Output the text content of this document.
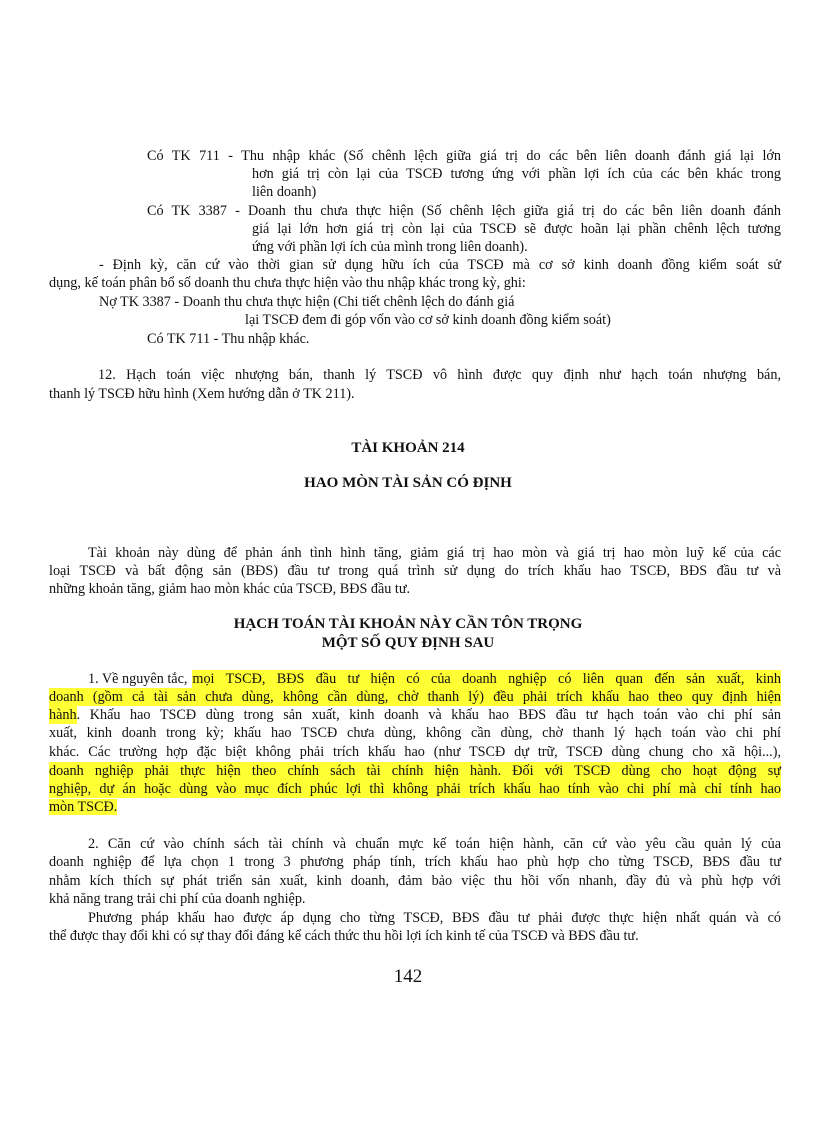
Có TK 711 - Thu nhập khác (Số chênh lệch giữa giá trị do các bên liên doanh đánh giá lại lớn

hơn giá trị còn lại của TSCĐ tương ứng với phần lợi ích của các bên khác trong

liên doanh)

Có TK 3387 - Doanh thu chưa thực hiện (Số chênh lệch giữa giá trị do các bên liên doanh đánh

giá lại lớn hơn giá trị còn lại của TSCĐ sẽ được hoãn lại phần chênh lệch tương

ứng với phần lợi ích của mình trong liên doanh).

- Định kỳ, căn cứ vào thời gian sử dụng hữu ích của TSCĐ mà cơ sở kinh doanh đồng kiểm soát sử

dụng, kế toán phân bổ số doanh thu chưa thực hiện vào thu nhập khác trong kỳ, ghi:

Nợ TK 3387 - Doanh thu chưa thực hiện (Chi tiết chênh lệch do đánh giá

lại TSCĐ đem đi góp vốn vào cơ sở kinh doanh đồng kiểm soát)

Có TK 711 - Thu nhập khác.

12. Hạch toán việc nhượng bán, thanh lý TSCĐ vô hình được quy định như hạch toán nhượng bán,

thanh lý TSCĐ hữu hình (Xem hướng dẫn ở TK 211).

TÀI KHOẢN 214

HAO MÒN TÀI SẢN CÓ ĐỊNH

Tài khoản này dùng để phản ánh tình hình tăng, giảm giá trị hao mòn và giá trị hao mòn luỹ kế của các

loại TSCĐ và bất động sản (BĐS) đầu tư trong quá trình sử dụng do trích khấu hao TSCĐ, BĐS đầu tư và

những khoản tăng, giảm hao mòn khác của TSCĐ, BĐS đầu tư.

HẠCH TOÁN TÀI KHOẢN NÀY CẦN TÔN TRỌNG

MỘT SỐ QUY ĐỊNH SAU

1. Về nguyên tắc, mọi TSCĐ, BĐS đầu tư hiện có của doanh nghiệp có liên quan đến sản xuất, kinh

doanh (gồm cả tài sản chưa dùng, không cần dùng, chờ thanh lý) đều phải trích khấu hao theo quy định hiện

hành . Khấu hao TSCĐ dùng trong sản xuất, kinh doanh và khấu hao BĐS đầu tư hạch toán vào chi phí sản

xuất, kinh doanh trong kỳ; khấu hao TSCĐ chưa dùng, không cần dùng, chờ thanh lý hạch toán vào chi phí

khác. Các trường hợp đặc biệt không phải trích khấu hao (như TSCĐ dự trữ, TSCĐ dùng chung cho xã hội...),

doanh nghiệp phải thực hiện theo chính sách tài chính hiện hành. Đối với TSCĐ dùng cho hoạt động sự

nghiệp, dự án hoặc dùng vào mục đích phúc lợi thì không phải trích khấu hao tính vào chi phí mà chỉ tính hao

mòn TSCĐ.

2. Căn cứ vào chính sách tài chính và chuẩn mực kế toán hiện hành, căn cứ vào yêu cầu quản lý của

doanh nghiệp để lựa chọn 1 trong 3 phương pháp tính, trích khấu hao phù hợp cho từng TSCĐ, BĐS đầu tư

nhằm kích thích sự phát triển sản xuất, kinh doanh, đảm bảo việc thu hồi vốn nhanh, đầy đủ và phù hợp với

khả năng trang trải chi phí của doanh nghiệp.

Phương pháp khấu hao được áp dụng cho từng TSCĐ, BĐS đầu tư phải được thực hiện nhất quán và có

thể được thay đổi khi có sự thay đổi đáng kể cách thức thu hồi lợi ích kinh tế của TSCĐ và BĐS đầu tư.

142
